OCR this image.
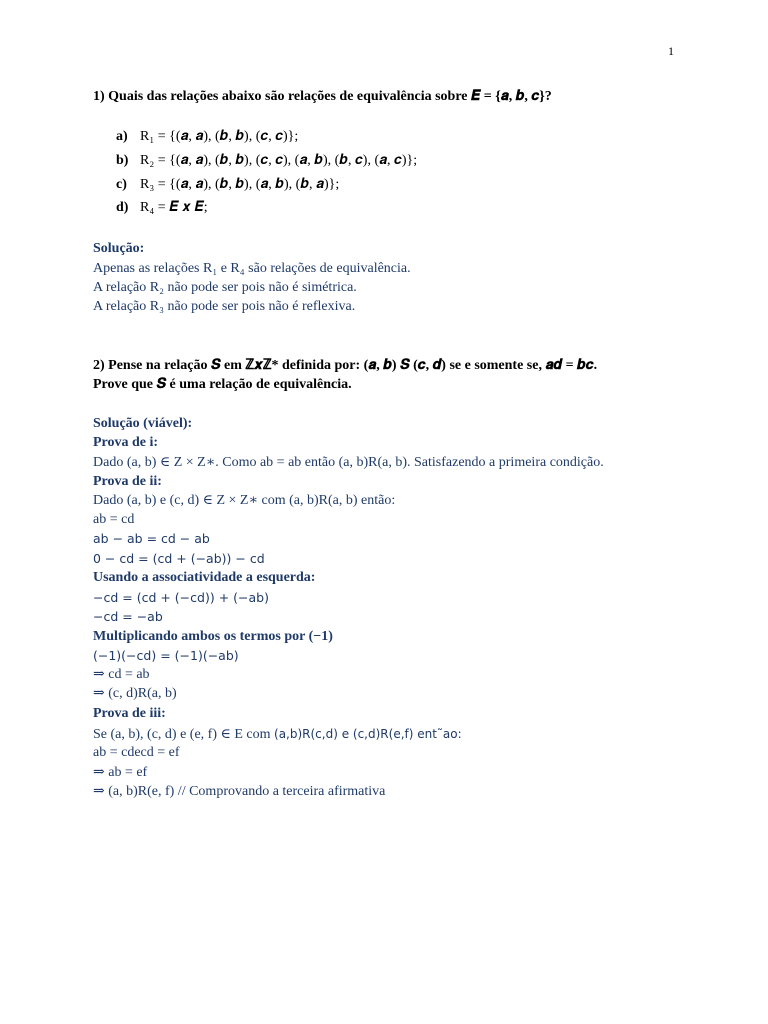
1
1) Quais das relações abaixo são relações de equivalência sobre 𝑬 = {𝒂, 𝒃, 𝒄}?
a) R₁ = {(𝒂, 𝒂), (𝒃, 𝒃), (𝒄, 𝒄)};
b) R₂ = {(𝒂, 𝒂), (𝒃, 𝒃), (𝒄, 𝒄), (𝒂, 𝒃), (𝒃, 𝒄), (𝒂, 𝒄)};
c) R₃ = {(𝒂, 𝒂), (𝒃, 𝒃), (𝒂, 𝒃), (𝒃, 𝒂)};
d) R₄ = 𝑬 𝒙 𝑬;
Solução:
Apenas as relações R₁ e R₄ são relações de equivalência.
A relação R₂ não pode ser pois não é simétrica.
A relação R₃ não pode ser pois não é reflexiva.
2) Pense na relação 𝑺 em ℤ𝒙ℤ* definida por: (𝒂, 𝒃) 𝑺 (𝒄, 𝒅) se e somente se, 𝒂𝒅 = 𝒃𝒄.
Prove que 𝑺 é uma relação de equivalência.
Solução (viável):
Prova de i:
Dado (a, b) ∈ Z × Z∗. Como ab = ab então (a, b)R(a, b). Satisfazendo a primeira condição.
Prova de ii:
Dado (a, b) e (c, d) ∈ Z × Z∗ com (a, b)R(a, b) então:
ab = cd
ab − ab = cd − ab
0 − cd = (cd + (−ab)) − cd
Usando a associatividade a esquerda:
−cd = (cd + (−cd)) + (−ab)
−cd = −ab
Multiplicando ambos os termos por (−1)
(−1)(−cd) = (−1)(−ab)
⇒ cd = ab
⇒ (c, d)R(a, b)
Prova de iii:
Se (a, b), (c, d) e (e, f) ∈ E com (a,b)R(c,d) e (c,d)R(e,f) ent˜ao:
ab = cdecd = ef
⇒ ab = ef
⇒ (a, b)R(e, f) // Comprovando a terceira afirmativa
